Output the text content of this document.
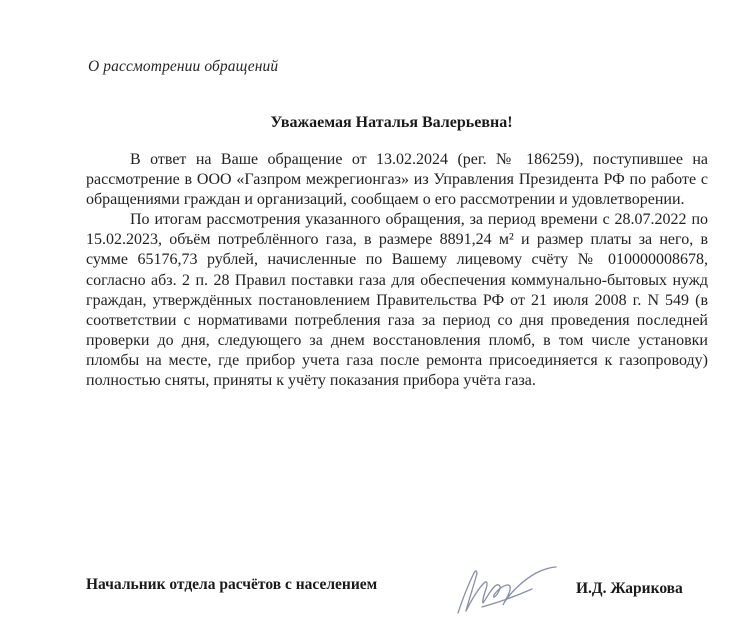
О рассмотрении обращений
Уважаемая Наталья Валерьевна!

В ответ на Ваше обращение от 13.02.2024 (рег. № 186259), поступившее на рассмотрение в ООО «Газпром межрегионгаз» из Управления Президента РФ по работе с обращениями граждан и организаций, сообщаем о его рассмотрении и удовлетворении.

По итогам рассмотрения указанного обращения, за период времени с 28.07.2022 по 15.02.2023, объём потреблённого газа, в размере 8891,24 м² и размер платы за него, в сумме 65176,73 рублей, начисленные по Вашему лицевому счёту № 010000008678, согласно абз. 2 п. 28 Правил поставки газа для обеспечения коммунально-бытовых нужд граждан, утверждённых постановлением Правительства РФ от 21 июля 2008 г. N 549 (в соответствии с нормативами потребления газа за период со дня проведения последней проверки до дня, следующего за днем восстановления пломб, в том числе установки пломбы на месте, где прибор учета газа после ремонта присоединяется к газопроводу) полностью сняты, приняты к учёту показания прибора учёта газа.

Начальник отдела расчётов с населением	И.Д. Жарикова
